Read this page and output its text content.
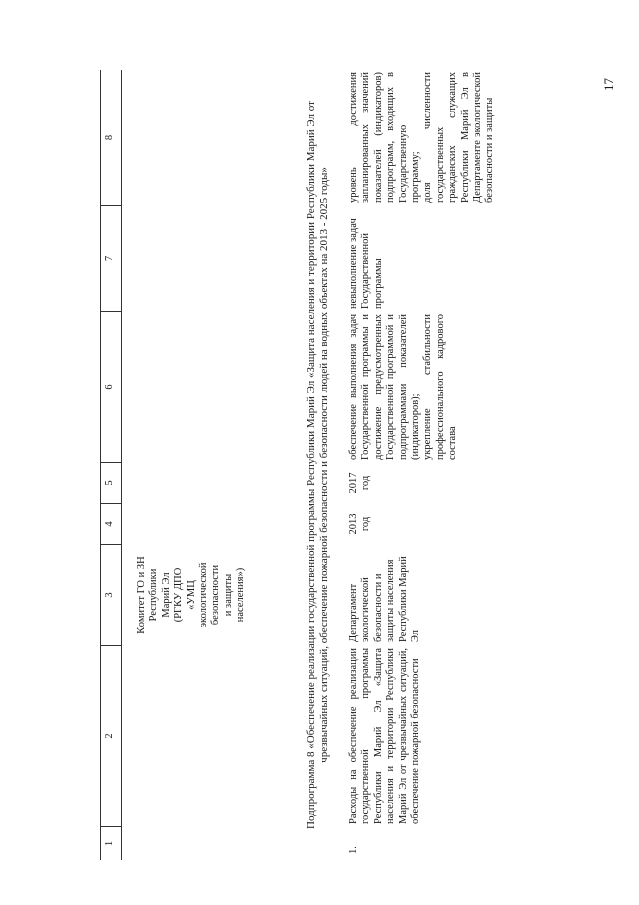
17
1
2
3
4
5
6
7
8
Комитет ГО и ЗН
Республики
Марий Эл
(РГКУ ДПО
«УМЦ
экологической
безопасности
и защиты
населения»)	Подпрограмма 8 «Обеспечение реализации государственной программы Республики Марий Эл «Защита населения и территории Республики Марий Эл от чрезвычайных ситуаций, обеспечение пожарной безопасности и безопасности людей на водных объектах на 2013 - 2025 годы»
1.
Расходы на обеспечение реализации государственной программы Республики Марий Эл «Защита населения и территории Республики Марий Эл от чрезвычайных ситуаций, обеспечение пожарной безопасности
Департамент экологической безопасности и защиты населения Республики Марий Эл
2013 год
2017 год
обеспечение выполнения задач Государственной программы и достижение предусмотренных Государственной программой и подпрограммами показателей (индикаторов);
укрепление стабильности профессионального кадрового состава
невыполнение задач Государственной программы
уровень достижения запланированных значений показателей (индикаторов) подпрограмм, входящих в Государственную программу;
доля численности государственных гражданских служащих Республики Марий Эл в Департаменте экологической безопасности и защиты
